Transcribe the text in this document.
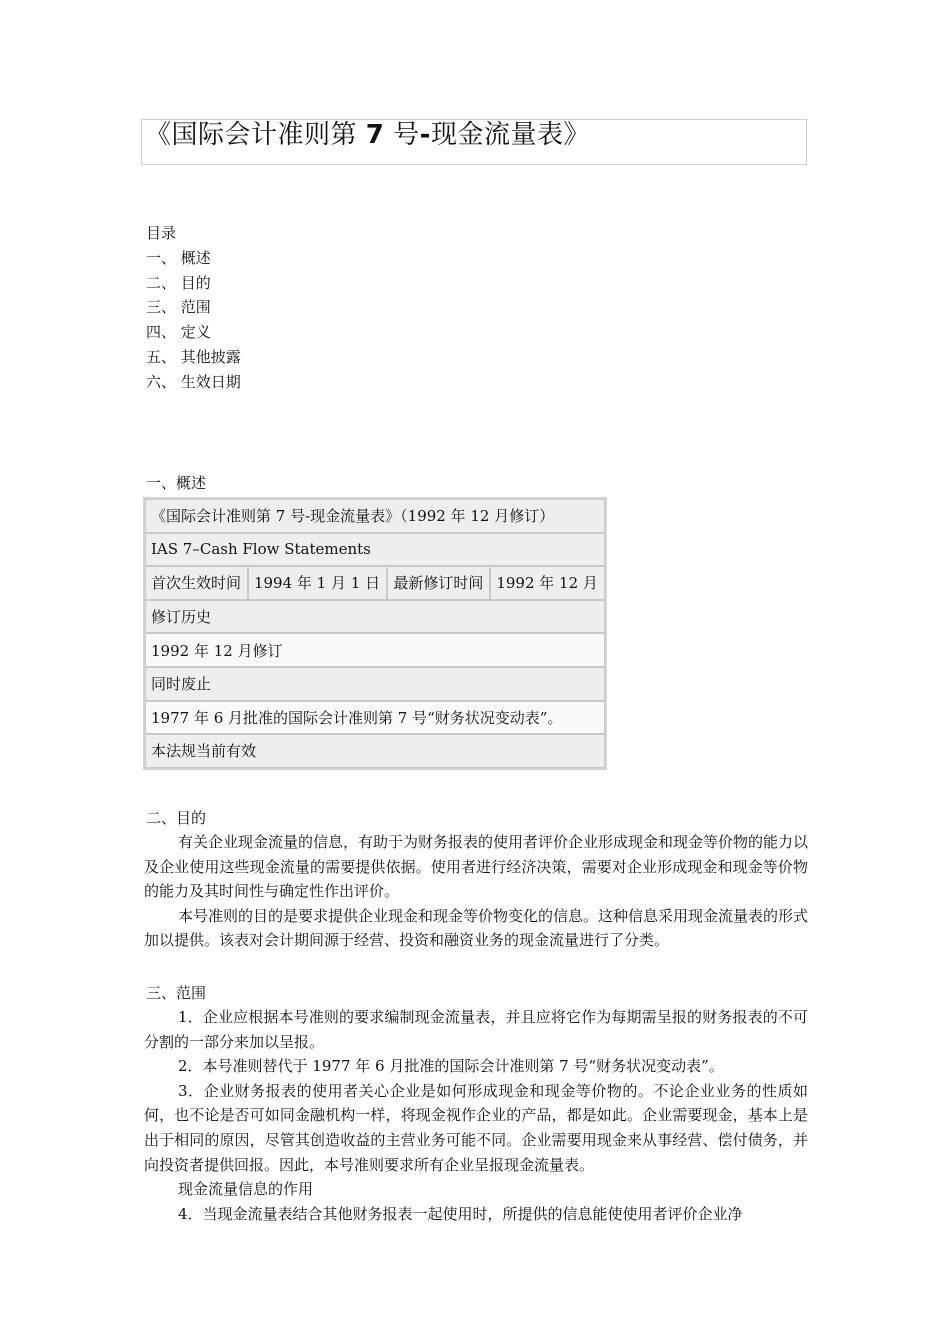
《国际会计准则第 7 号-现金流量表》
目录
一、 概述
二、 目的
三、 范围
四、 定义
五、 其他披露
六、 生效日期
一、概述
《国际会计准则第 7 号-现金流量表》（1992 年 12 月修订）
IAS 7–Cash Flow Statements
首次生效时间	1994 年 1 月 1 日	最新修订时间	1992 年 12 月
修订历史
1992 年 12 月修订
同时废止
1977 年 6 月批准的国际会计准则第 7 号“财务状况变动表”。
本法规当前有效
二、目的

有关企业现金流量的信息，有助于为财务报表的使用者评价企业形成现金和现金等价物的能力以及企业使用这些现金流量的需要提供依据。使用者进行经济决策，需要对企业形成现金和现金等价物的能力及其时间性与确定性作出评价。

本号准则的目的是要求提供企业现金和现金等价物变化的信息。这种信息采用现金流量表的形式加以提供。该表对会计期间源于经营、投资和融资业务的现金流量进行了分类。

三、范围

1．企业应根据本号准则的要求编制现金流量表，并且应将它作为每期需呈报的财务报表的不可分割的一部分来加以呈报。

2．本号准则替代于 1977 年 6 月批准的国际会计准则第 7 号“财务状况变动表”。

3．企业财务报表的使用者关心企业是如何形成现金和现金等价物的。不论企业业务的性质如何，也不论是否可如同金融机构一样，将现金视作企业的产品，都是如此。企业需要现金，基本上是出于相同的原因，尽管其创造收益的主营业务可能不同。企业需要用现金来从事经营、偿付债务，并向投资者提供回报。因此，本号准则要求所有企业呈报现金流量表。

现金流量信息的作用

4．当现金流量表结合其他财务报表一起使用时，所提供的信息能使使用者评价企业净
